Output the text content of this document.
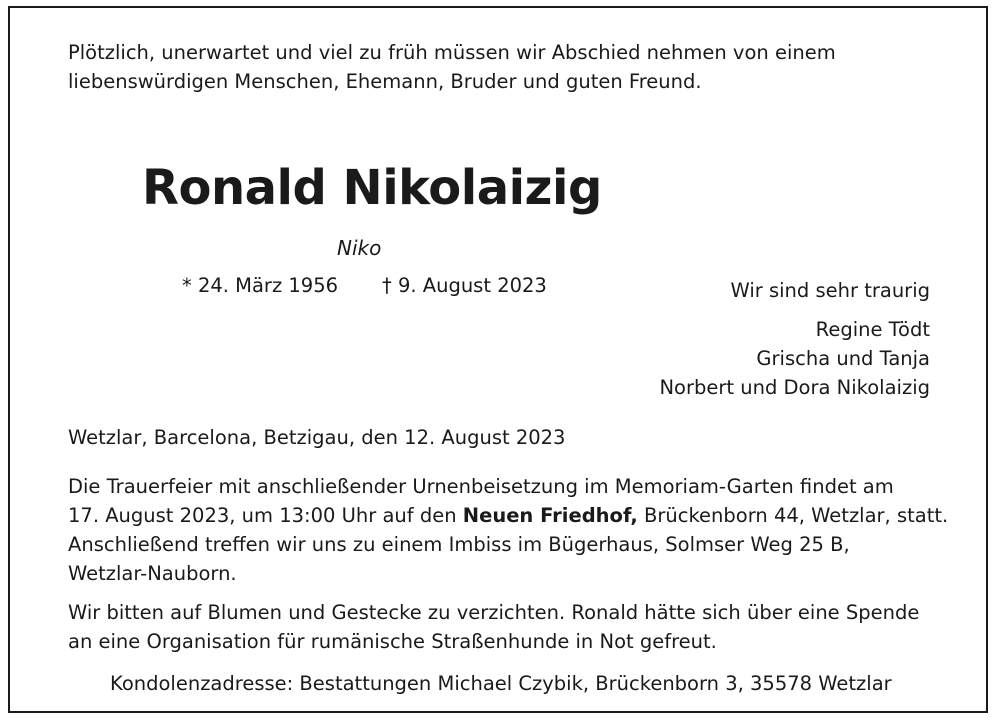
Plötzlich, unerwartet und viel zu früh müssen wir Abschied nehmen von einem
liebenswürdigen Menschen, Ehemann, Bruder und guten Freund.
Ronald Nikolaizig
Niko
* 24. März 1956 † 9. August 2023	Wir sind sehr traurig
Regine Tödt
Grischa und Tanja
Norbert und Dora Nikolaizig
Wetzlar, Barcelona, Betzigau, den 12. August 2023
Die Trauerfeier mit anschließender Urnenbeisetzung im Memoriam-Garten findet am
17. August 2023, um 13:00 Uhr auf den Neuen Friedhof, Brückenborn 44, Wetzlar, statt.
Anschließend treffen wir uns zu einem Imbiss im Bügerhaus, Solmser Weg 25 B,
Wetzlar-Nauborn.
Wir bitten auf Blumen und Gestecke zu verzichten. Ronald hätte sich über eine Spende
an eine Organisation für rumänische Straßenhunde in Not gefreut.
Kondolenzadresse: Bestattungen Michael Czybik, Brückenborn 3, 35578 Wetzlar
